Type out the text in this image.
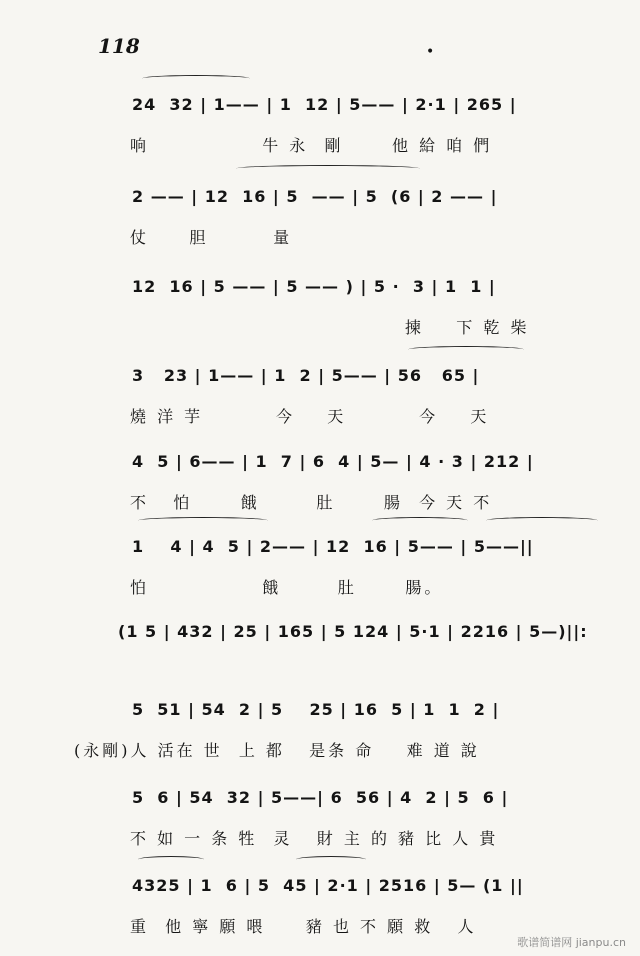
118	•
24  32 | 1—— | 1  12 | 5—— | 2·1 | 265 |
响              牛 永  剛      他 給 咱 們
2 —— | 12  16 | 5  —— | 5  (6 | 2 —— |
仗     胆        量
12  16 | 5 —— | 5 —— ) | 5 ·  3 | 1  1 |
揀    下 乾 柴
3   23 | 1—— | 1  2 | 5—— | 56   65 |
燒 洋 芋         今    天         今    天
4  5 | 6—— | 1  7 | 6  4 | 5— | 4 · 3 | 212 |
不   怕      餓       肚      腸  今 天 不
1    4 | 4  5 | 2—— | 12  16 | 5—— | 5——||
怕              餓       肚      腸。
(1 5 | 432 | 25 | 165 | 5 124 | 5·1 | 2216 | 5—)||:
5  51 | 54  2 | 5    25 | 16  5 | 1  1  2 |
(永剛)人 活在 世  上 都   是条 命    难 道 說
5  6 | 54  32 | 5——| 6  56 | 4  2 | 5  6 |
不 如 一 条 牲  灵   財 主 的 豬 比 人 貴
4325 | 1  6 | 5  45 | 2·1 | 2516 | 5— (1 ||
重  他 寧 願 喂     豬 也 不 願 救   人
歌谱简谱网 jianpu.cn
